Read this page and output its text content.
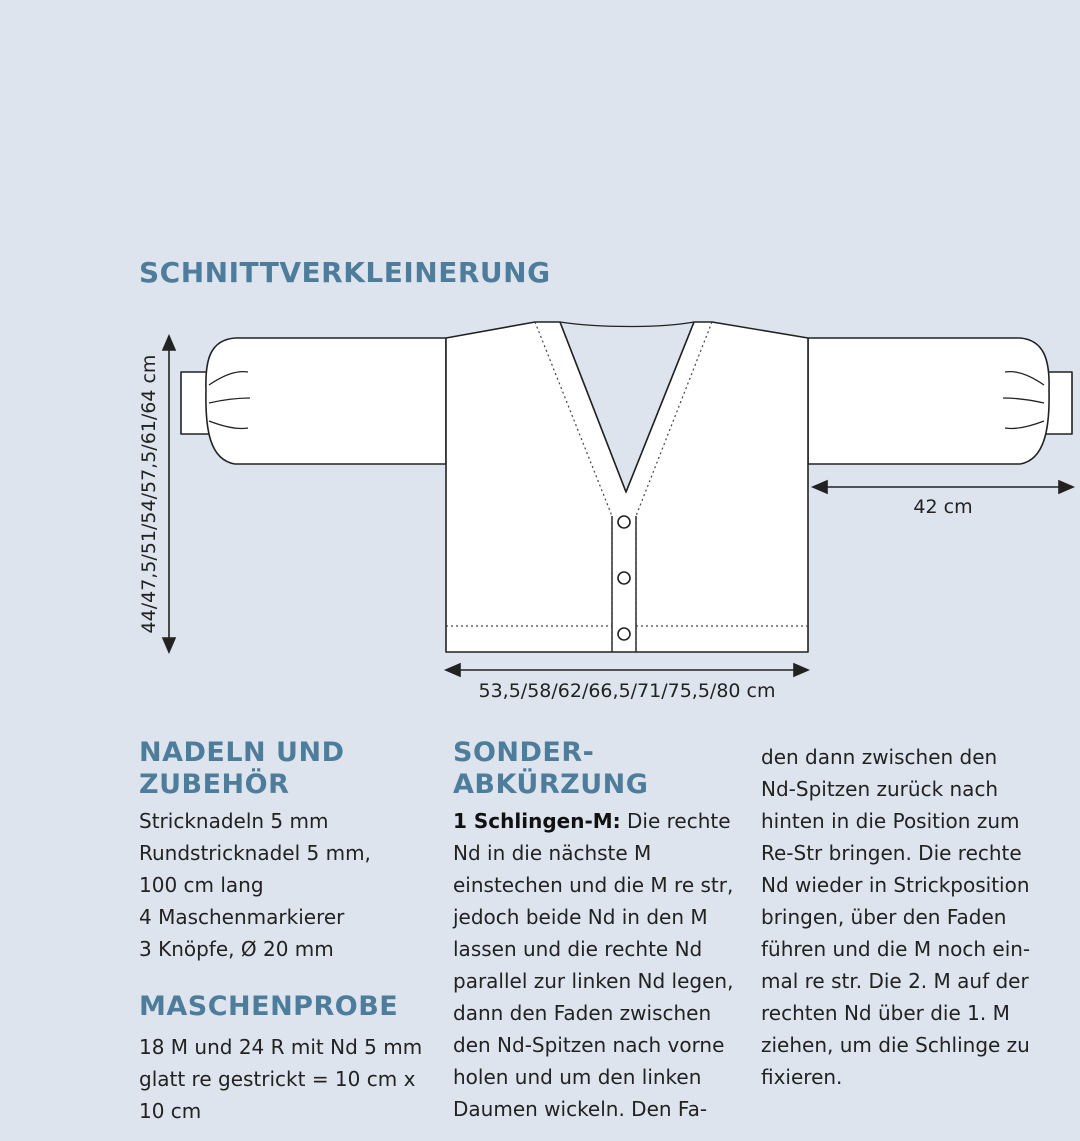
SCHNITTVERKLEINERUNG
44/47,5/51/54/57,5/61/64 cm	42 cm
53,5/58/62/66,5/71/75,5/80 cm
NADELN UND
ZUBEHÖR
Stricknadeln 5 mm
Rundstricknadel 5 mm,
100 cm lang
4 Maschenmarkierer
3 Knöpfe, Ø 20 mm
MASCHENPROBE
18 M und 24 R mit Nd 5 mm
glatt re gestrickt = 10 cm x
10 cm
SONDER-
ABKÜRZUNG
1 Schlingen-M: Die rechte
Nd in die nächste M
einstechen und die M re str,
jedoch beide Nd in den M
lassen und die rechte Nd
parallel zur linken Nd legen,
dann den Faden zwischen
den Nd-Spitzen nach vorne
holen und um den linken
Daumen wickeln. Den Fa-
den dann zwischen den
Nd-Spitzen zurück nach
hinten in die Position zum
Re-Str bringen. Die rechte
Nd wieder in Strickposition
bringen, über den Faden
führen und die M noch ein-
mal re str. Die 2. M auf der
rechten Nd über die 1. M
ziehen, um die Schlinge zu
fixieren.
